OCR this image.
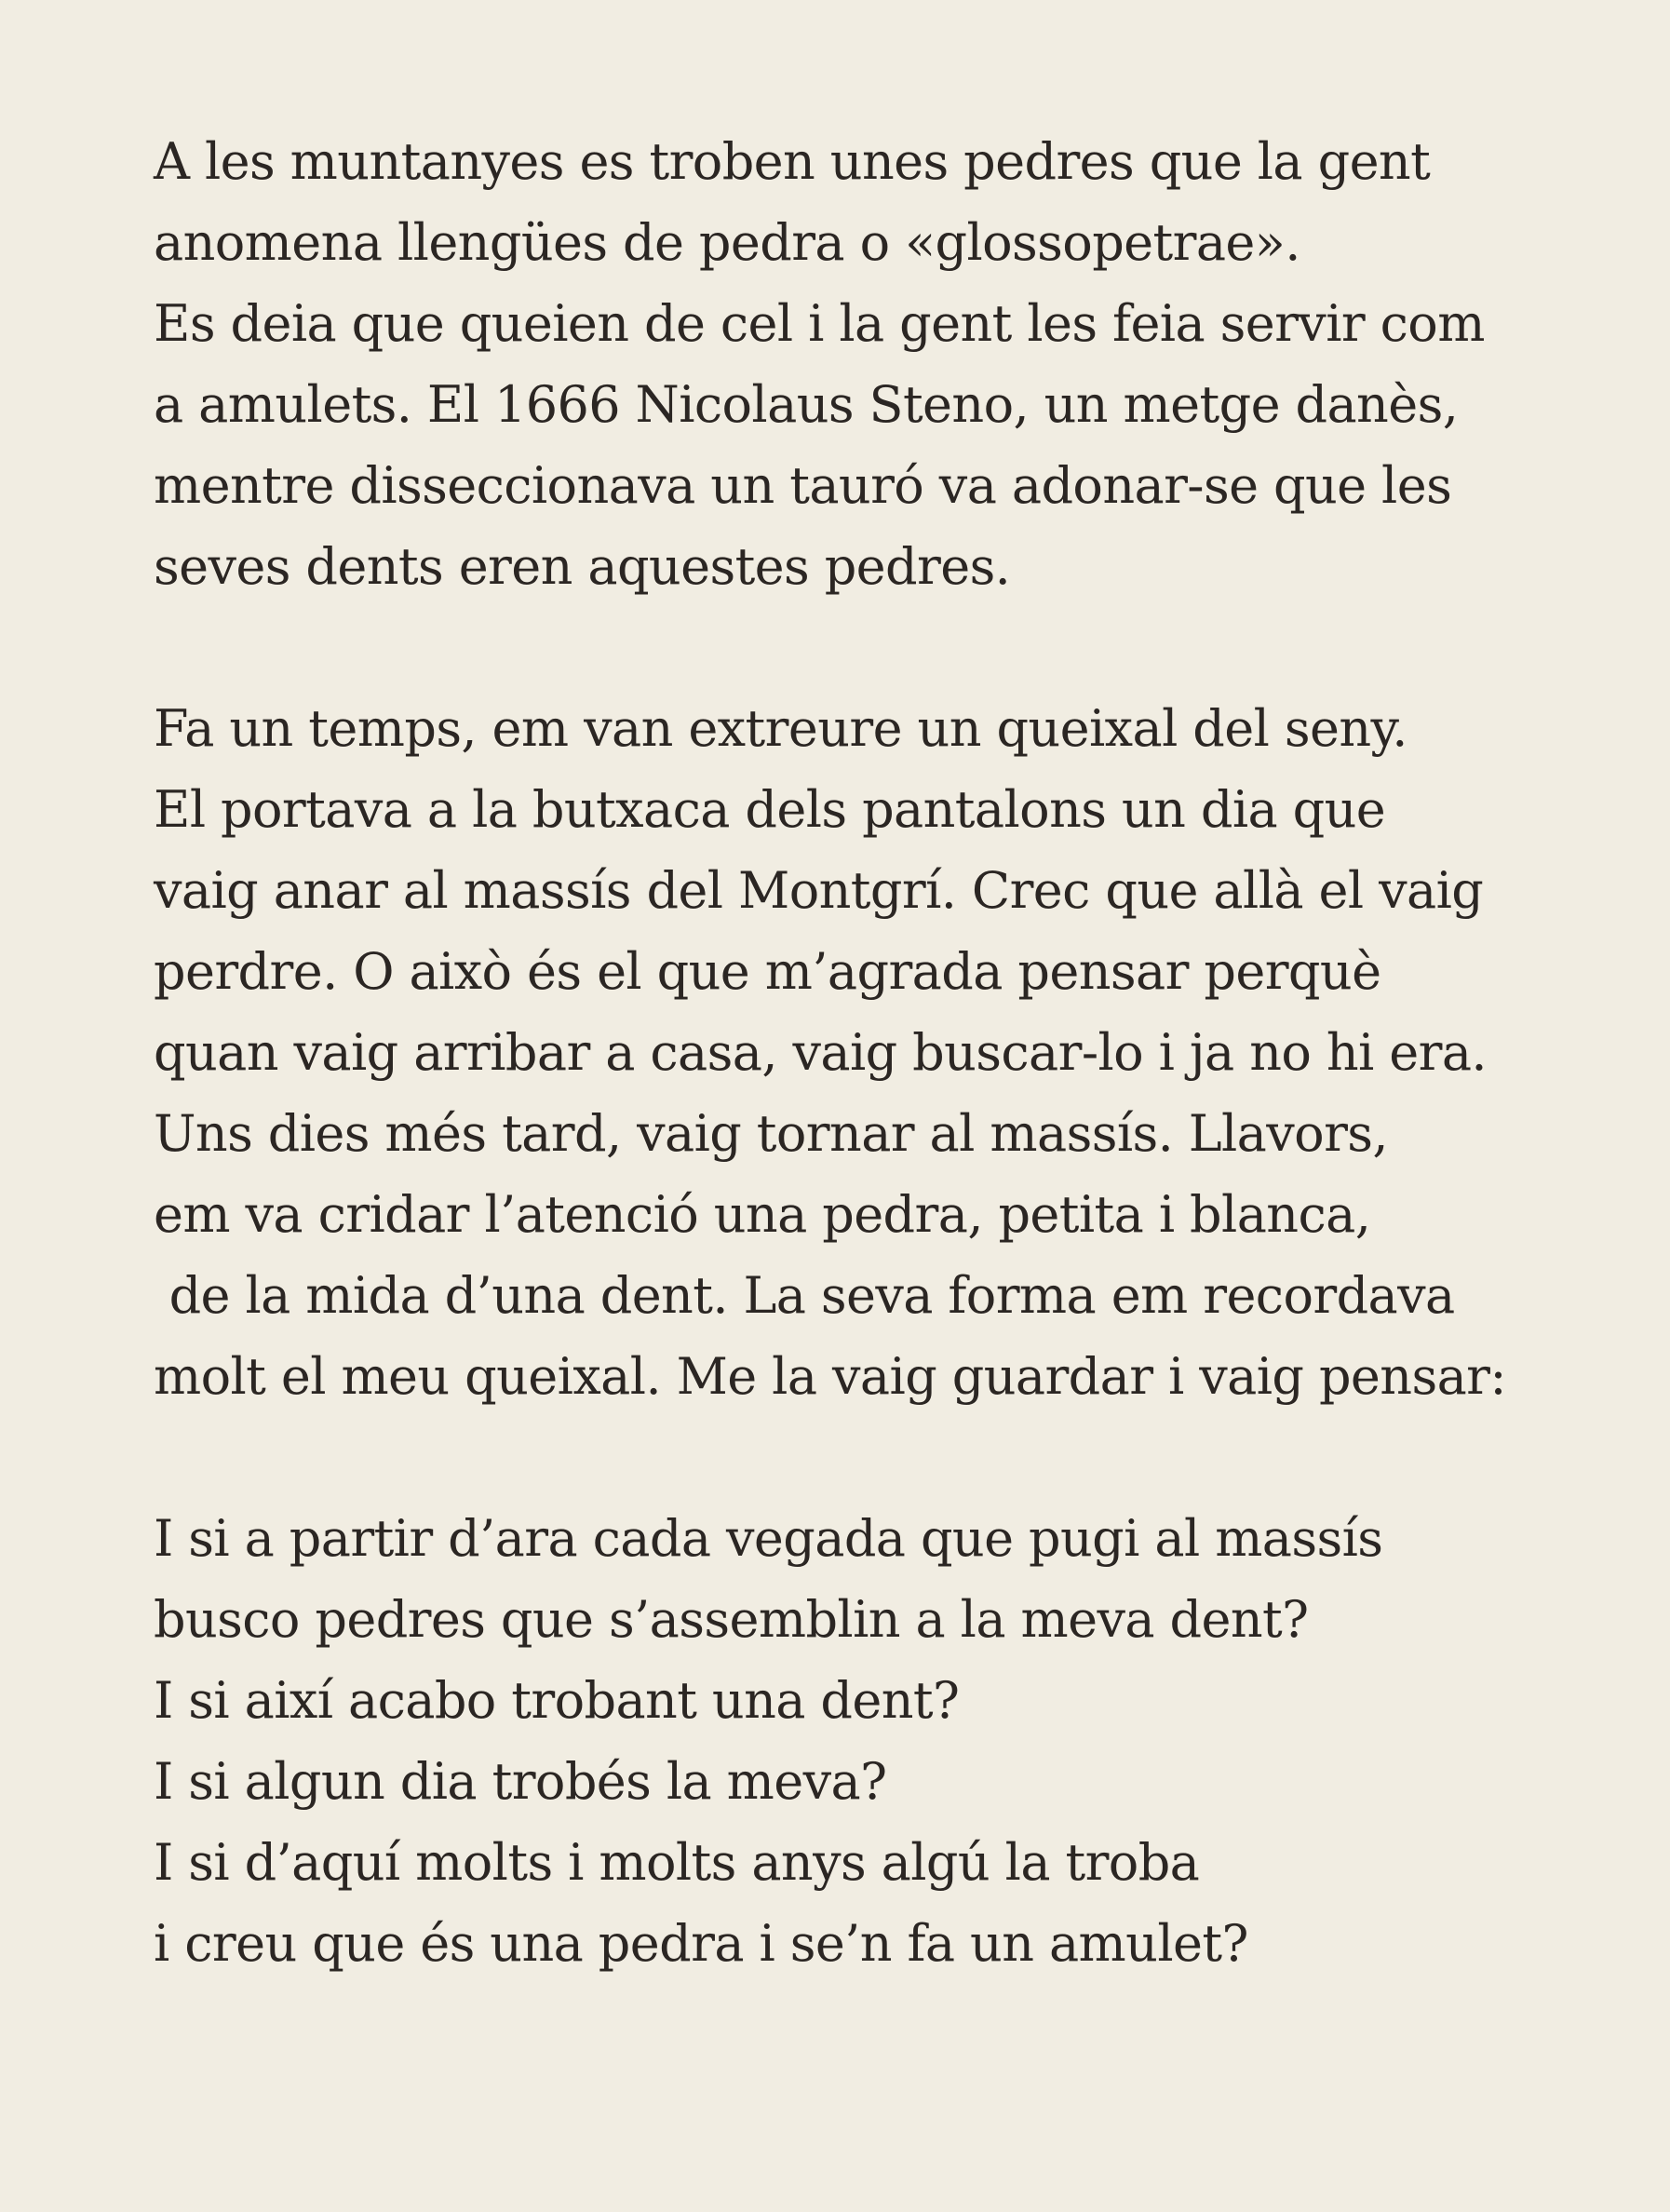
A les muntanyes es troben unes pedres que la gent
anomena llengües de pedra o «glossopetrae».
Es deia que queien de cel i la gent les feia servir com
a amulets. El 1666 Nicolaus Steno, un metge danès,
mentre disseccionava un tauró va adonar-se que les
seves dents eren aquestes pedres.
Fa un temps, em van extreure un queixal del seny.
El portava a la butxaca dels pantalons un dia que
vaig anar al massís del Montgrí. Crec que allà el vaig
perdre. O això és el que m’agrada pensar perquè
quan vaig arribar a casa, vaig buscar-lo i ja no hi era.
Uns dies més tard, vaig tornar al massís. Llavors,
em va cridar l’atenció una pedra, petita i blanca,
de la mida d’una dent. La seva forma em recordava
molt el meu queixal. Me la vaig guardar i vaig pensar:
I si a partir d’ara cada vegada que pugi al massís
busco pedres que s’assemblin a la meva dent?
I si així acabo trobant una dent?
I si algun dia trobés la meva?
I si d’aquí molts i molts anys algú la troba
i creu que és una pedra i se’n fa un amulet?
